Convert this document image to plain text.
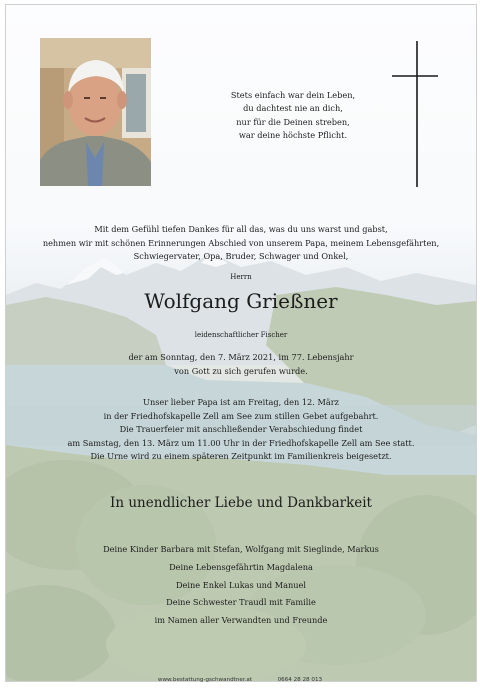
Stets einfach war dein Leben,
du dachtest nie an dich,
nur für die Deinen streben,
war deine höchste Pflicht.
Mit dem Gefühl tiefen Dankes für all das, was du uns warst und gabst,
nehmen wir mit schönen Erinnerungen Abschied von unserem Papa, meinem Lebensgefährten,
Schwiegervater, Opa, Bruder, Schwager und Onkel,
Herrn
Wolfgang Grießner
leidenschaftlicher Fischer
der am Sonntag, den 7. März 2021, im 77. Lebensjahr
von Gott zu sich gerufen wurde.
Unser lieber Papa ist am Freitag, den 12. März
in der Friedhofskapelle Zell am See zum stillen Gebet aufgebahrt.
Die Trauerfeier mit anschließender Verabschiedung findet
am Samstag, den 13. März um 11.00 Uhr in der Friedhofskapelle Zell am See statt.
Die Urne wird zu einem späteren Zeitpunkt im Familienkreis beigesetzt.
In unendlicher Liebe und Dankbarkeit
Deine Kinder Barbara mit Stefan, Wolfgang mit Sieglinde, Markus
Deine Lebensgefährtin Magdalena
Deine Enkel Lukas und Manuel
Deine Schwester Traudl mit Familie
im Namen aller Verwandten und Freunde
www.bestattung-gschwandtner.at	0664 28 28 013
